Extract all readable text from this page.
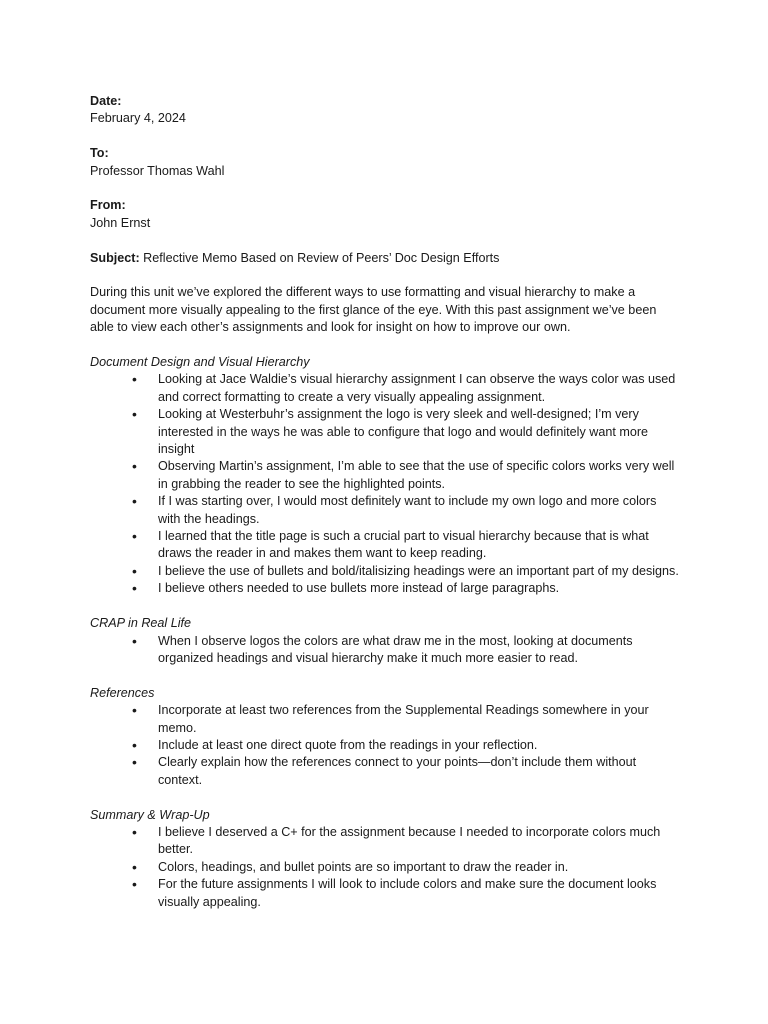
Date:
February 4, 2024
To:
Professor Thomas Wahl
From:
John Ernst
Subject: Reflective Memo Based on Review of Peers’ Doc Design Efforts

During this unit we’ve explored the different ways to use formatting and visual hierarchy to make a document more visually appealing to the first glance of the eye. With this past assignment we’ve been able to view each other’s assignments and look for insight on how to improve our own.

Document Design and Visual Hierarchy
• Looking at Jace Waldie’s visual hierarchy assignment I can observe the ways color was used and correct formatting to create a very visually appealing assignment.
• Looking at Westerbuhr’s assignment the logo is very sleek and well-designed; I’m very interested in the ways he was able to configure that logo and would definitely want more insight
• Observing Martin’s assignment, I’m able to see that the use of specific colors works very well in grabbing the reader to see the highlighted points.
• If I was starting over, I would most definitely want to include my own logo and more colors with the headings.
• I learned that the title page is such a crucial part to visual hierarchy because that is what draws the reader in and makes them want to keep reading.
• I believe the use of bullets and bold/italisizing headings were an important part of my designs.
• I believe others needed to use bullets more instead of large paragraphs.
CRAP in Real Life
• When I observe logos the colors are what draw me in the most, looking at documents organized headings and visual hierarchy make it much more easier to read.
References
• Incorporate at least two references from the Supplemental Readings somewhere in your memo.
• Include at least one direct quote from the readings in your reflection.
• Clearly explain how the references connect to your points—don’t include them without context.
Summary & Wrap-Up
• I believe I deserved a C+ for the assignment because I needed to incorporate colors much better.
• Colors, headings, and bullet points are so important to draw the reader in.
• For the future assignments I will look to include colors and make sure the document looks visually appealing.
